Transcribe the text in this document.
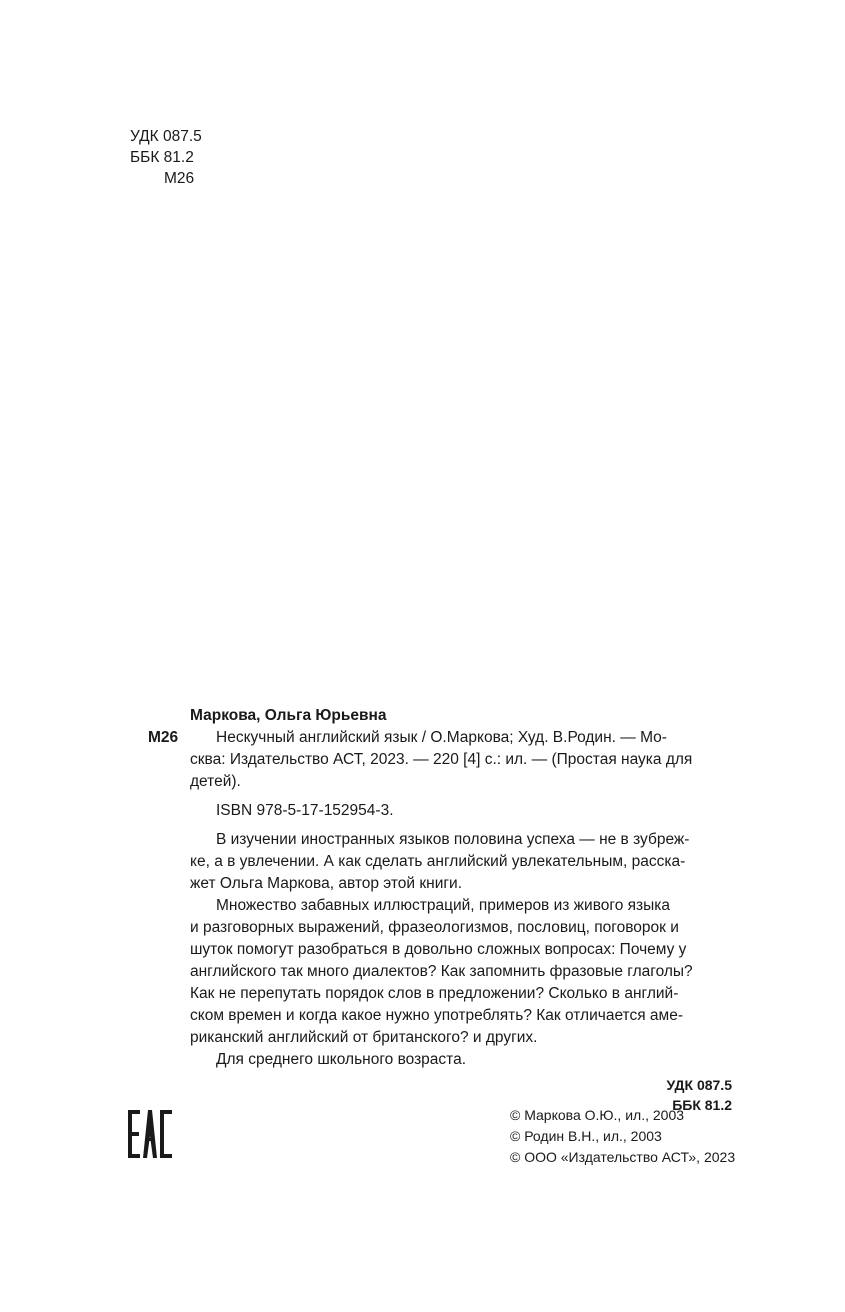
УДК 087.5
ББК 81.2
М26
Маркова, Ольга Юрьевна
М26 Нескучный английский язык / О.Маркова; Худ. В.Родин. — Мо-
сква: Издательство АСТ, 2023. — 220 [4] с.: ил. — (Простая наука для
детей).
ISBN 978-5-17-152954-3.
В изучении иностранных языков половина успеха — не в зубреж-
ке, а в увлечении. А как сделать английский увлекательным, расска-
жет Ольга Маркова, автор этой книги.
Множество забавных иллюстраций, примеров из живого языка
и разговорных выражений, фразеологизмов, пословиц, поговорок и
шуток помогут разобраться в довольно сложных вопросах: Почему у
английского так много диалектов? Как запомнить фразовые глаголы?
Как не перепутать порядок слов в предложении? Сколько в англий-
ском времен и когда какое нужно употреблять? Как отличается аме-
риканский английский от британского? и других.
Для среднего школьного возраста.
УДК 087.5
ББК 81.2
© Маркова О.Ю., ил., 2003
© Родин В.Н., ил., 2003
© ООО «Издательство АСТ», 2023
